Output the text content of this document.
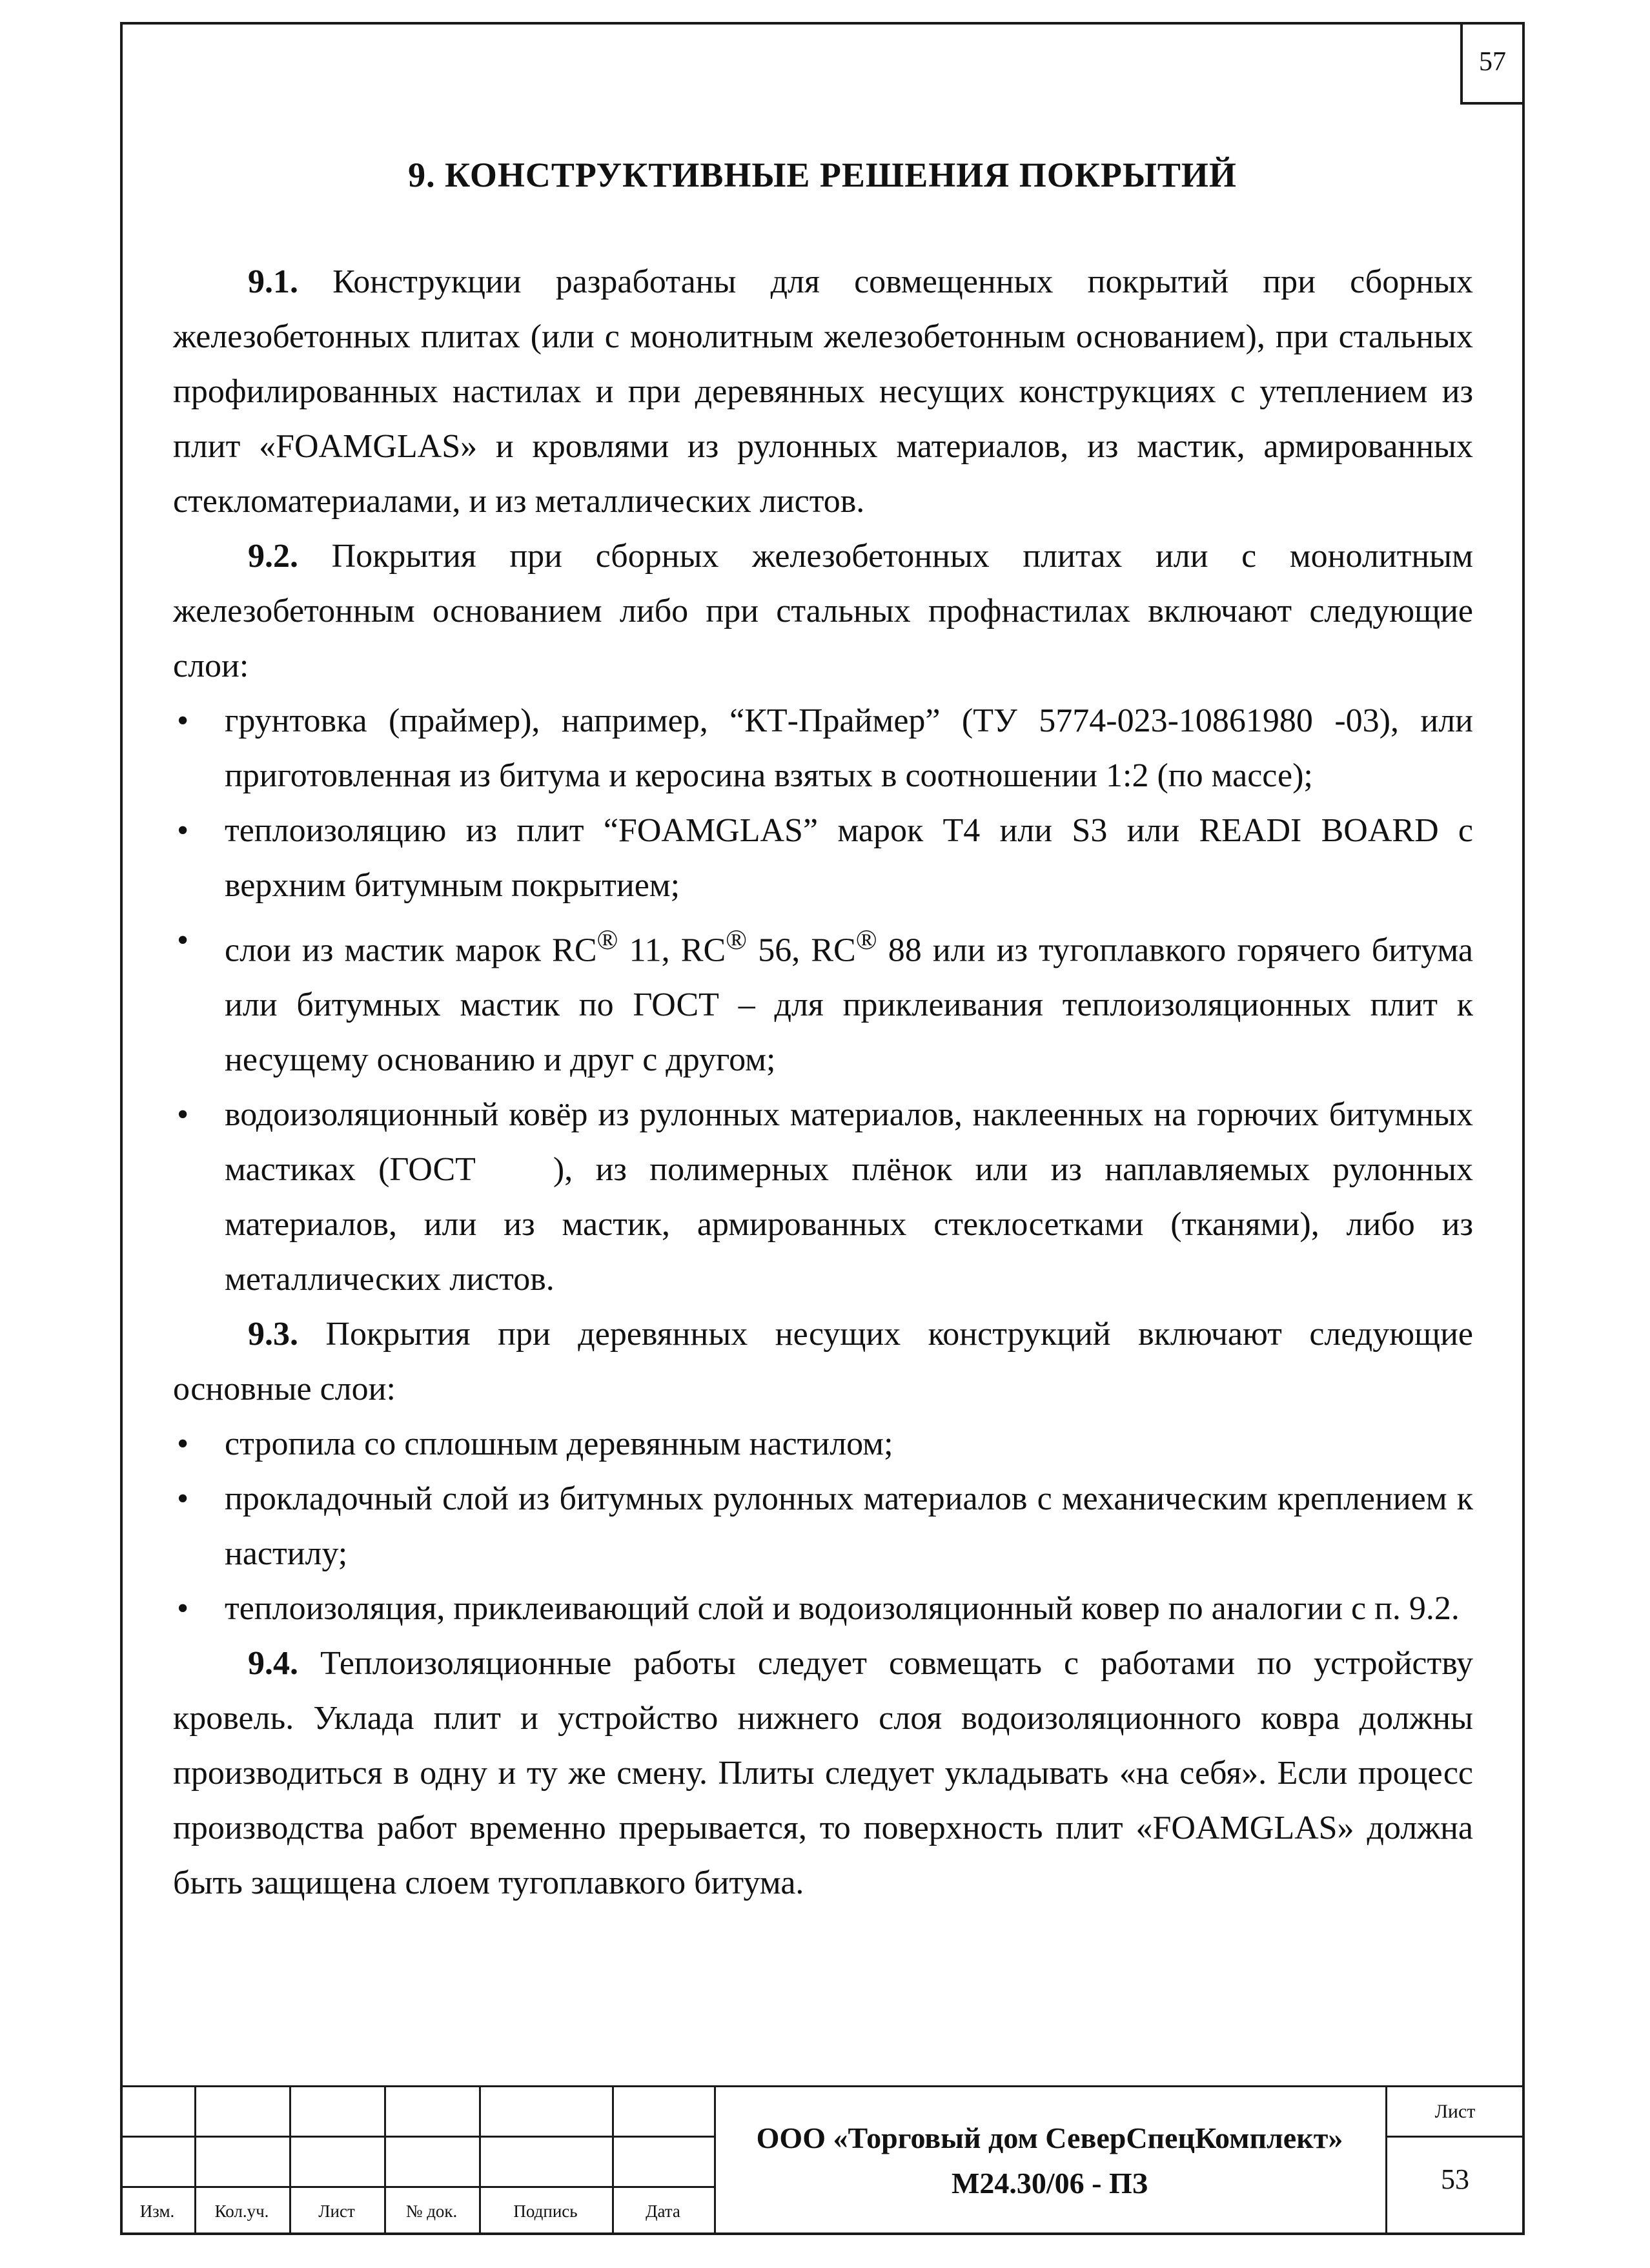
57
9. КОНСТРУКТИВНЫЕ РЕШЕНИЯ ПОКРЫТИЙ

9.1. Конструкции разработаны для совмещенных покрытий при сборных железобетонных плитах (или с монолитным железобетонным основанием), при стальных профилированных настилах и при деревянных несущих конструкциях с утеплением из плит «FOAMGLAS» и кровлями из рулонных материалов, из мастик, армированных стекломатериалами, и из металлических листов.

9.2. Покрытия при сборных железобетонных плитах или с монолитным железобетонным основанием либо при стальных профнастилах включают следующие слои:

• грунтовка (праймер), например, “КТ-Праймер” (ТУ 5774-023-10861980 -03), или приготовленная из битума и керосина взятых в соотношении 1:2 (по массе);
• теплоизоляцию из плит “FOAMGLAS” марок Т4 или S3 или READI BOARD с верхним битумным покрытием;
• слои из мастик марок RC® 11, RC® 56, RC® 88 или из тугоплавкого горячего битума или битумных мастик по ГОСТ – для приклеивания теплоизоляционных плит к несущему основанию и друг с другом;
• водоизоляционный ковёр из рулонных материалов, наклеенных на горючих битумных мастиках (ГОСТ ), из полимерных плёнок или из наплавляемых рулонных материалов, или из мастик, армированных стеклосетками (тканями), либо из металлических листов.

9.3. Покрытия при деревянных несущих конструкций включают следующие основные слои:

• стропила со сплошным деревянным настилом;
• прокладочный слой из битумных рулонных материалов с механическим креплением к настилу;
• теплоизоляция, приклеивающий слой и водоизоляционный ковер по аналогии с п. 9.2.

9.4. Теплоизоляционные работы следует совмещать с работами по устройству кровель. Уклада плит и устройство нижнего слоя водоизоляционного ковра должны производиться в одну и ту же смену. Плиты следует укладывать «на себя». Если процесс производства работ временно прерывается, то поверхность плит «FOAMGLAS» должна быть защищена слоем тугоплавкого битума.

Изм.	Кол.уч.	Лист	№ док.	Подпись	Дата
ООО «Торговый дом СеверСпецКомплект»
М24.30/06 - ПЗ
Лист
53
